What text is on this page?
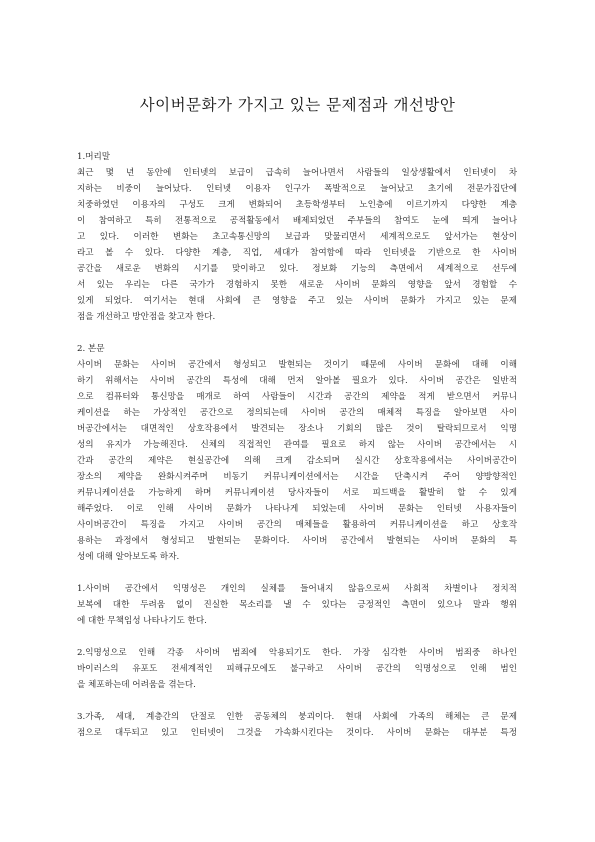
사이버문화가 가지고 있는 문제점과 개선방안
1.머리말
최근 몇 년 동안에 인터넷의 보급이 급속히 늘어나면서 사람들의 일상생활에서 인터넷이 차
지하는 비중이 늘어났다. 인터넷 이용자 인구가 폭발적으로 늘어났고 초기에 전문가집단에
치중하였던 이용자의 구성도 크게 변화되어 초등학생부터 노인층에 이르기까지 다양한 계층
이 참여하고 특히 전통적으로 공적활동에서 배제되었던 주부들의 참여도 눈에 띄게 늘어나
고 있다. 이러한 변화는 초고속통신망의 보급과 맞물리면서 세계적으로도 앞서가는 현상이
라고 볼 수 있다. 다양한 계층, 직업, 세대가 참여함에 따라 인터넷을 기반으로 한 사이버
공간을 새로운 변화의 시기를 맞이하고 있다. 정보화 기능의 측면에서 세계적으로 선두에
서 있는 우리는 다른 국가가 경험하지 못한 새로운 사이버 문화의 영향을 앞서 경험할 수
있게 되었다. 여기서는 현대 사회에 큰 영향을 주고 있는 사이버 문화가 가지고 있는 문제
점을 개선하고 방안점을 찾고자 한다.
2. 본문
사이버 문화는 사이버 공간에서 형성되고 발현되는 것이기 때문에 사이버 문화에 대해 이해
하기 위해서는 사이버 공간의 특성에 대해 먼저 알아볼 필요가 있다. 사이버 공간은 일반적
으로 컴퓨터와 통신망을 매개로 하여 사람들이 시간과 공간의 제약을 적게 받으면서 커뮤니
케이션을 하는 가상적인 공간으로 정의되는데 사이버 공간의 매체적 특징을 알아보면 사이
버공간에서는 대면적인 상호작용에서 발견되는 장소나 기회의 많은 것이 탈락되므로서 익명
성의 유지가 가능해진다. 신체의 직접적인 관여를 필요로 하지 않는 사이버 공간에서는 시
간과 공간의 제약은 현실공간에 의해 크게 감소되며 실시간 상호작용에서는 사이버공간이
장소의 제약을 완화시켜주며 비동기 커뮤니케이션에서는 시간을 단축시켜 주어 양방향적인
커뮤니케이션을 가능하게 하며 커뮤니케이션 당사자들이 서로 피드백을 활발히 할 수 있게
해주었다. 이로 인해 사이버 문화가 나타나게 되었는데 사이버 문화는 인터넷 사용자들이
사이버공간이 특징을 가지고 사이버 공간의 매체들을 활용하여 커뮤니케이션을 하고 상호작
용하는 과정에서 형성되고 발현되는 문화이다. 사이버 공간에서 발현되는 사이버 문화의 특
성에 대해 알아보도록 하자.
1.사이버 공간에서 익명성은 개인의 실체를 들어내지 않음으로써 사회적 차별이나 정치적
보복에 대한 두려움 없이 진실한 목소리를 낼 수 있다는 긍정적인 측면이 있으나 말과 행위
에 대한 무책임성 나타나기도 한다.
2.익명성으로 인해 각종 사이버 범죄에 악용되기도 한다. 가장 심각한 사이버 범죄중 하나인
바이러스의 유포도 전세계적인 피해규모에도 불구하고 사이버 공간의 익명성으로 인해 범인
을 체포하는데 어려움을 겪는다.
3.가족, 세대, 계층간의 단절로 인한 공동체의 붕괴이다. 현대 사회에 가족의 해체는 큰 문제
점으로 대두되고 있고 인터넷이 그것을 가속화시킨다는 것이다. 사이버 문화는 대부분 특정
